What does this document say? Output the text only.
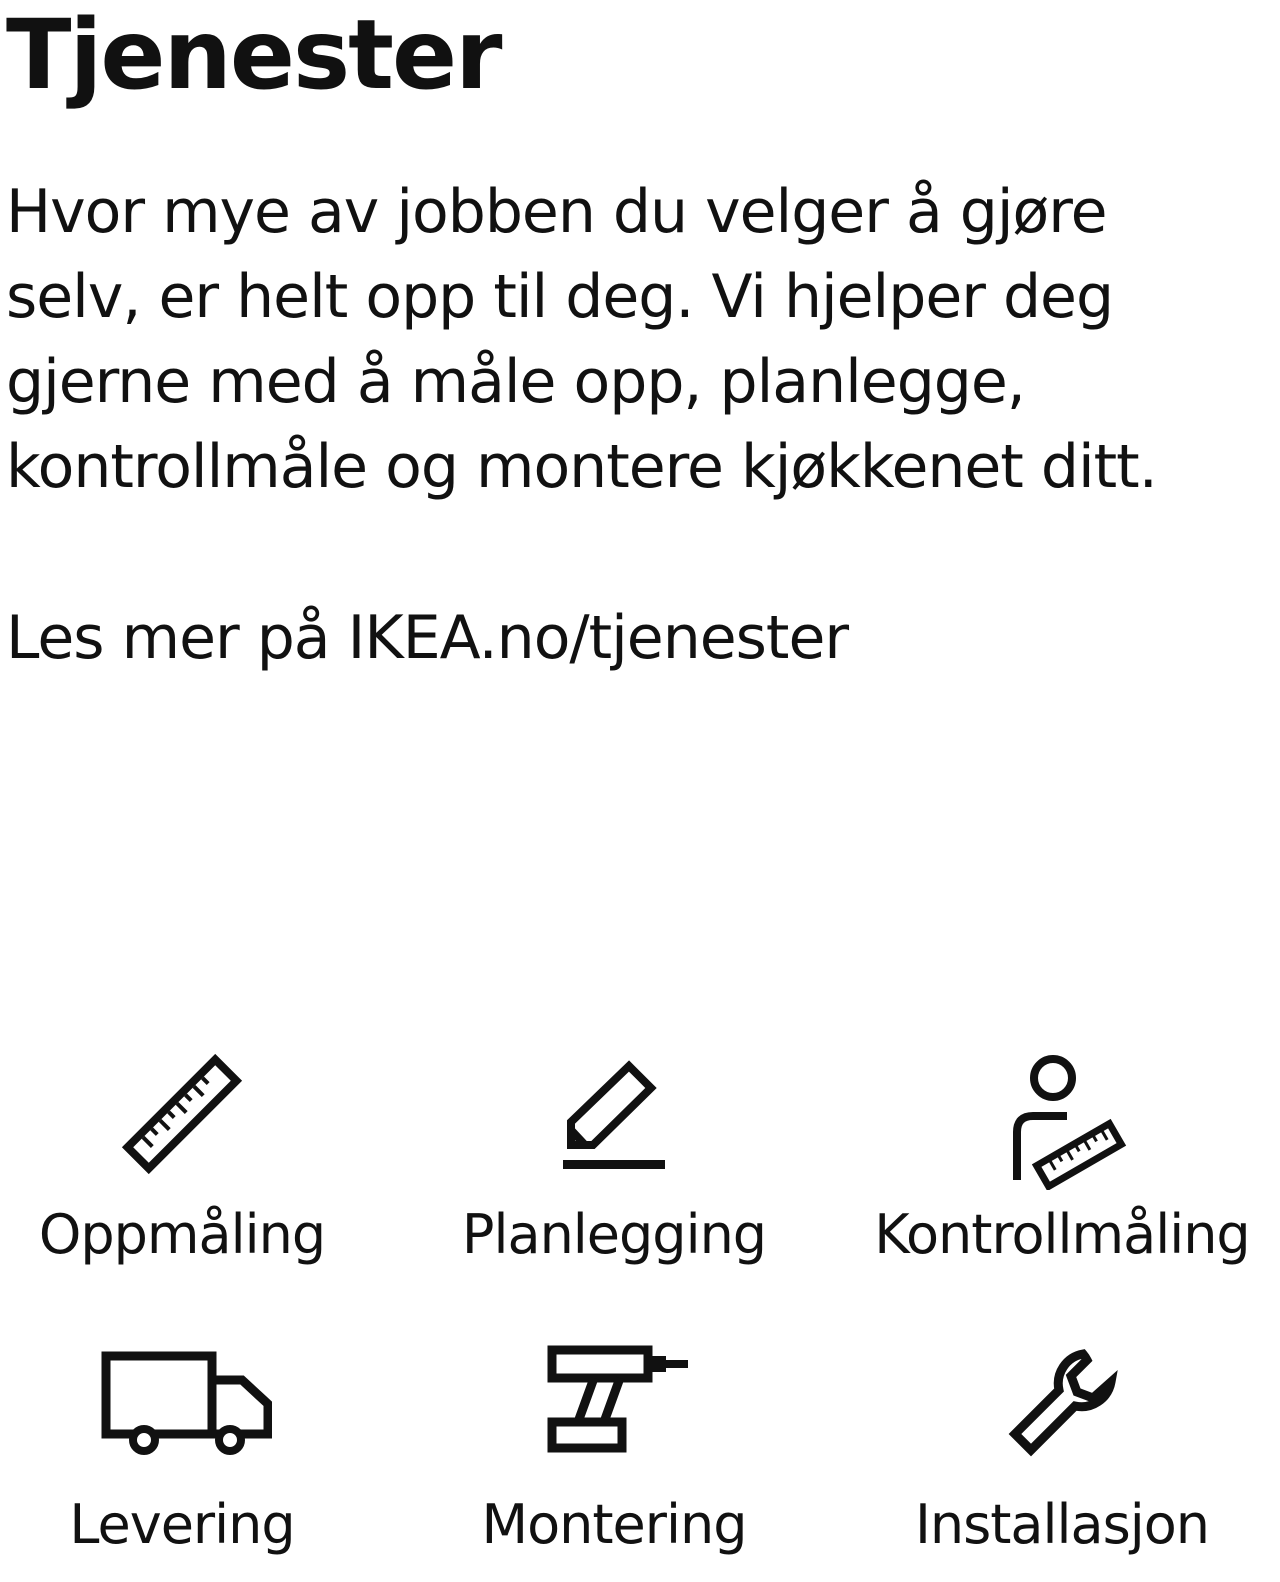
Tjenester

Hvor mye av jobben du velger å gjøre selv, er helt opp til deg. Vi hjelper deg gjerne med å måle opp, planlegge, kontrollmåle og montere kjøkkenet ditt.

Les mer på IKEA.no/tjenester

Oppmåling	Planlegging	Kontrollmåling
Levering	Montering	Installasjon
